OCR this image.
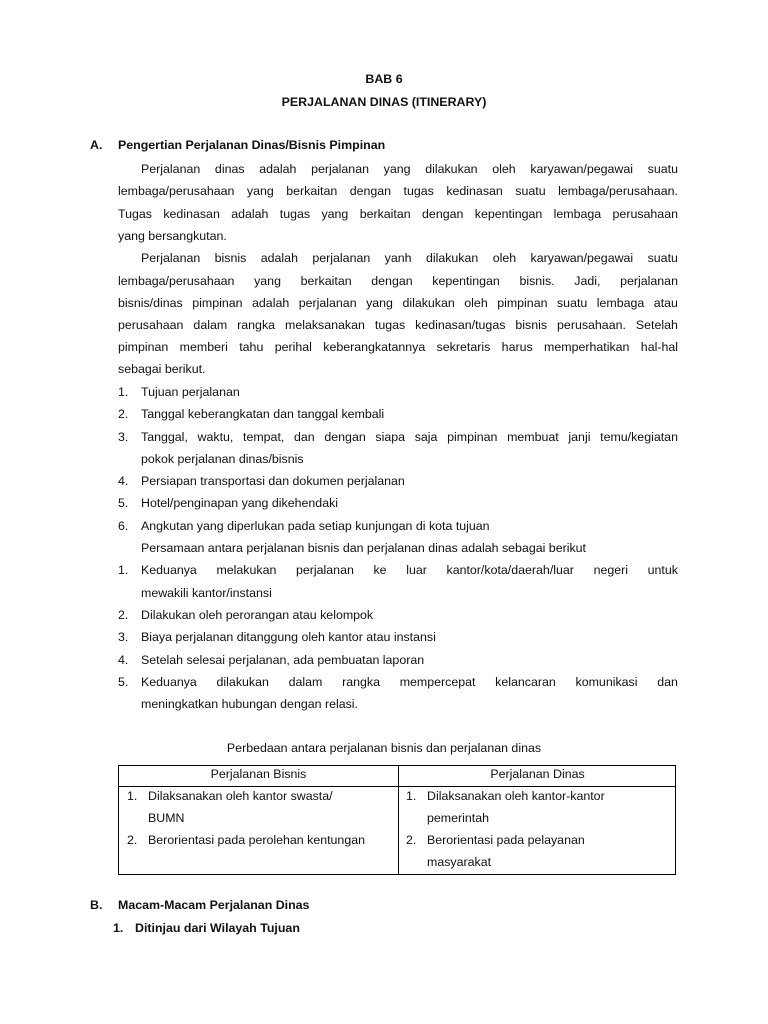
BAB 6
PERJALANAN DINAS (ITINERARY)
A. Pengertian Perjalanan Dinas/Bisnis Pimpinan
Perjalanan dinas adalah perjalanan yang dilakukan oleh karyawan/pegawai suatu
lembaga/perusahaan yang berkaitan dengan tugas kedinasan suatu lembaga/perusahaan.
Tugas kedinasan adalah tugas yang berkaitan dengan kepentingan lembaga perusahaan
yang bersangkutan.
Perjalanan bisnis adalah perjalanan yanh dilakukan oleh karyawan/pegawai suatu
lembaga/perusahaan yang berkaitan dengan kepentingan bisnis. Jadi, perjalanan
bisnis/dinas pimpinan adalah perjalanan yang dilakukan oleh pimpinan suatu lembaga atau
perusahaan dalam rangka melaksanakan tugas kedinasan/tugas bisnis perusahaan. Setelah
pimpinan memberi tahu perihal keberangkatannya sekretaris harus memperhatikan hal-hal
sebagai berikut.
1. Tujuan perjalanan
2. Tanggal keberangkatan dan tanggal kembali
3. Tanggal, waktu, tempat, dan dengan siapa saja pimpinan membuat janji temu/kegiatan
pokok perjalanan dinas/bisnis
4. Persiapan transportasi dan dokumen perjalanan
5. Hotel/penginapan yang dikehendaki
6. Angkutan yang diperlukan pada setiap kunjungan di kota tujuan
Persamaan antara perjalanan bisnis dan perjalanan dinas adalah sebagai berikut
1. Keduanya melakukan perjalanan ke luar kantor/kota/daerah/luar negeri untuk
mewakili kantor/instansi
2. Dilakukan oleh perorangan atau kelompok
3. Biaya perjalanan ditanggung oleh kantor atau instansi
4. Setelah selesai perjalanan, ada pembuatan laporan
5. Keduanya dilakukan dalam rangka mempercepat kelancaran komunikasi dan
meningkatkan hubungan dengan relasi.
Perbedaan antara perjalanan bisnis dan perjalanan dinas
Perjalanan Bisnis	Perjalanan Dinas
1. Dilaksanakan oleh kantor swasta/
BUMN
2. Berorientasi pada perolehan kentungan
1. Dilaksanakan oleh kantor-kantor
pemerintah
2. Berorientasi pada pelayanan
masyarakat
B. Macam-Macam Perjalanan Dinas
1. Ditinjau dari Wilayah Tujuan
